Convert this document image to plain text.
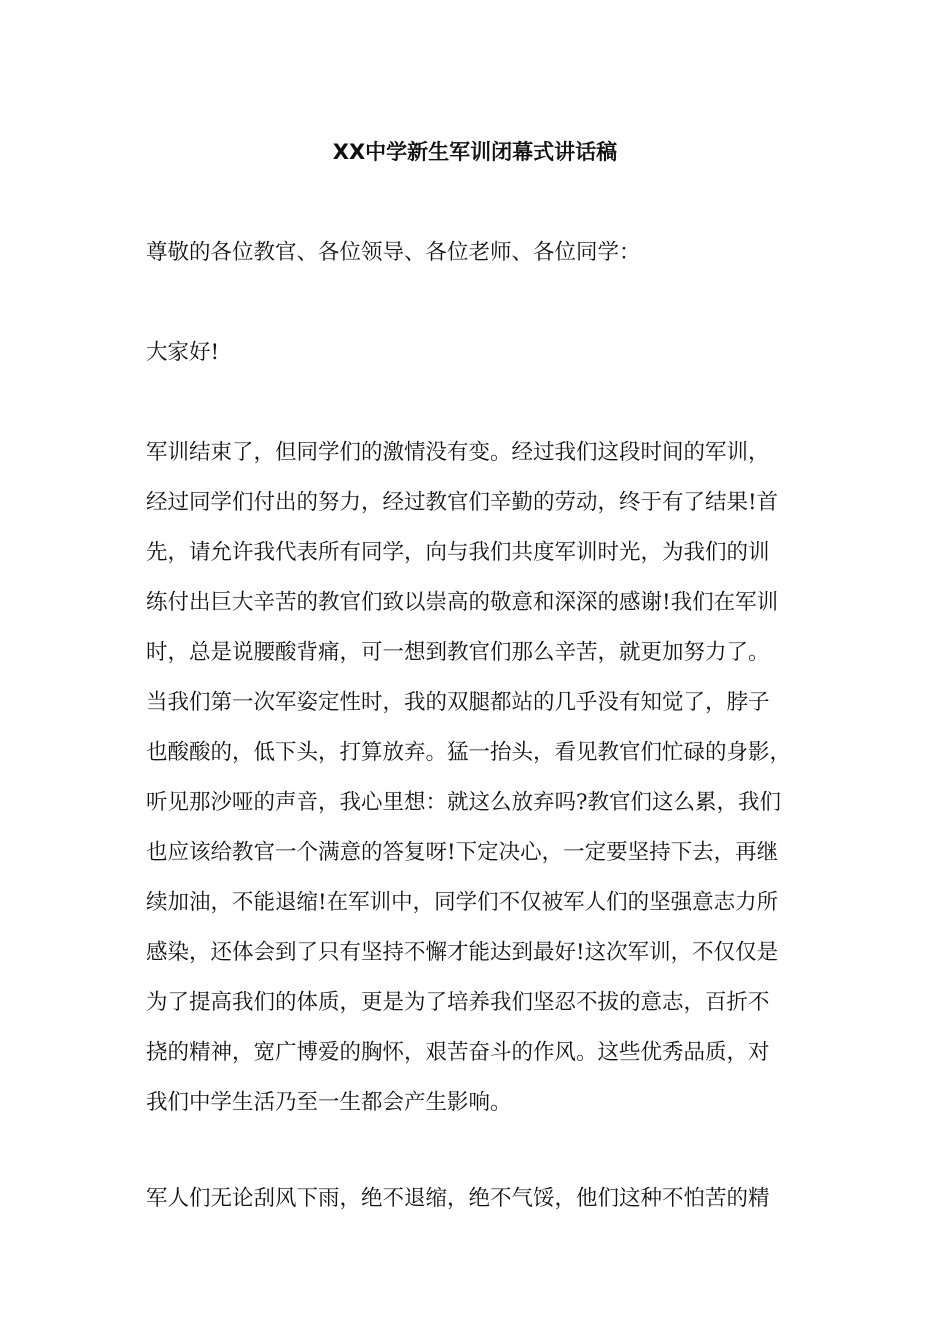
XX中学新生军训闭幕式讲话稿

尊敬的各位教官、各位领导、各位老师、各位同学：

大家好!

军训结束了，但同学们的激情没有变。经过我们这段时间的军训，
经过同学们付出的努力，经过教官们辛勤的劳动，终于有了结果!首
先，请允许我代表所有同学，向与我们共度军训时光，为我们的训
练付出巨大辛苦的教官们致以崇高的敬意和深深的感谢!我们在军训
时，总是说腰酸背痛，可一想到教官们那么辛苦，就更加努力了。
当我们第一次军姿定性时，我的双腿都站的几乎没有知觉了，脖子
也酸酸的，低下头，打算放弃。猛一抬头，看见教官们忙碌的身影，
听见那沙哑的声音，我心里想：就这么放弃吗?教官们这么累，我们
也应该给教官一个满意的答复呀!下定决心，一定要坚持下去，再继
续加油，不能退缩!在军训中，同学们不仅被军人们的坚强意志力所
感染，还体会到了只有坚持不懈才能达到最好!这次军训，不仅仅是
为了提高我们的体质，更是为了培养我们坚忍不拔的意志，百折不
挠的精神，宽广博爱的胸怀，艰苦奋斗的作风。这些优秀品质，对
我们中学生活乃至一生都会产生影响。

军人们无论刮风下雨，绝不退缩，绝不气馁，他们这种不怕苦的精
